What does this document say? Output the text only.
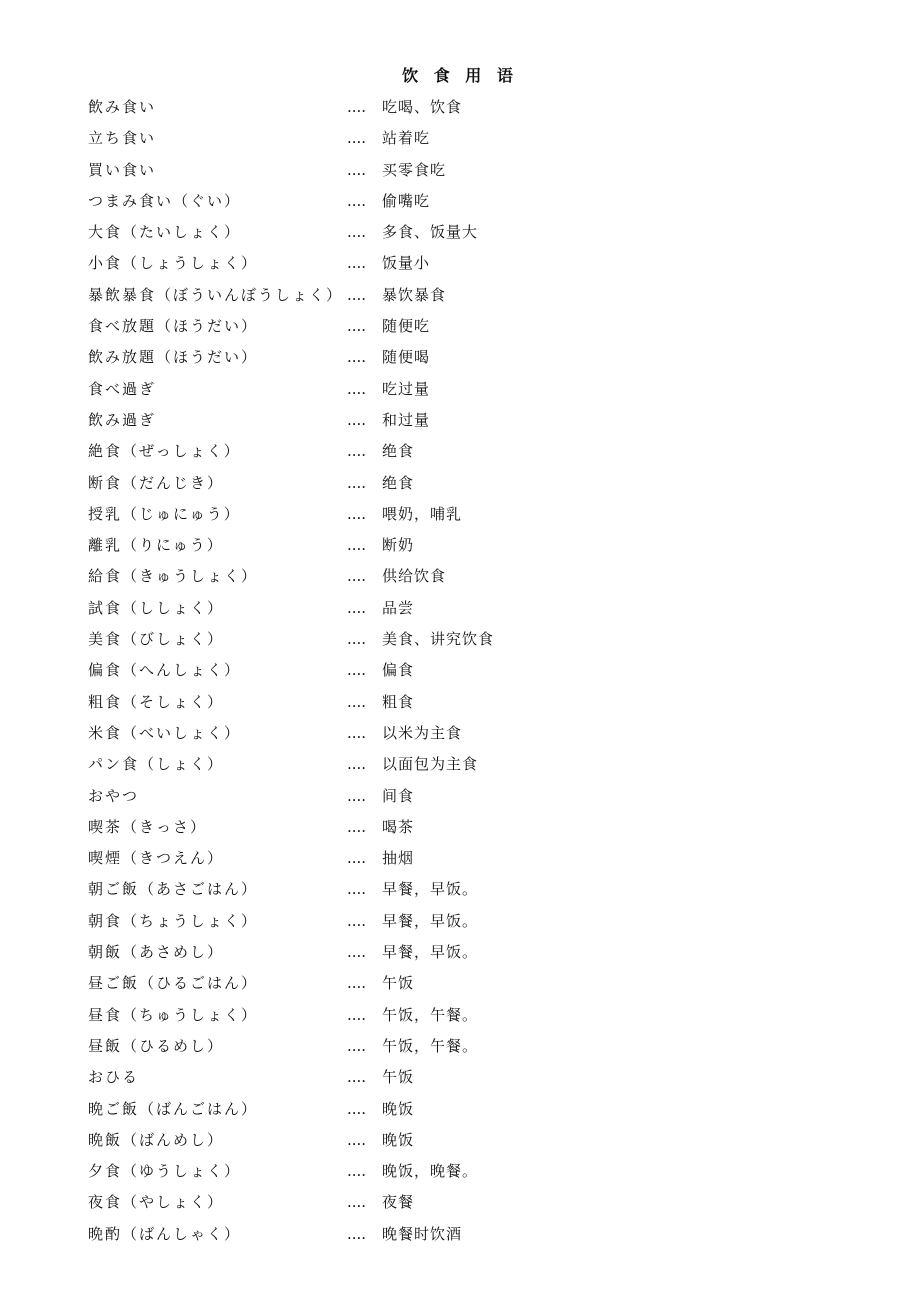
饮 食 用 语
飲み食い	.... 吃喝、饮食
立ち食い	.... 站着吃
買い食い	.... 买零食吃
つまみ食い（ぐい）	.... 偷嘴吃
大食（たいしょく）	.... 多食、饭量大
小食（しょうしょく）	.... 饭量小
暴飲暴食（ぼういんぼうしょく） .... 暴饮暴食
食べ放題（ほうだい）	.... 随便吃
飲み放題（ほうだい）	.... 随便喝
食べ過ぎ	.... 吃过量
飲み過ぎ	.... 和过量
絶食（ぜっしょく）	.... 绝食
断食（だんじき）	.... 绝食
授乳（じゅにゅう）	.... 喂奶，哺乳
離乳（りにゅう）	.... 断奶
給食（きゅうしょく）	.... 供给饮食
試食（ししょく）	.... 品尝
美食（びしょく）	.... 美食、讲究饮食
偏食（へんしょく）	.... 偏食
粗食（そしょく）	.... 粗食
米食（べいしょく）	.... 以米为主食
パン食（しょく）	.... 以面包为主食
おやつ	.... 间食
喫茶（きっさ）	.... 喝茶
喫煙（きつえん）	.... 抽烟
朝ご飯（あさごはん）	.... 早餐，早饭。
朝食（ちょうしょく）	.... 早餐，早饭。
朝飯（あさめし）	.... 早餐，早饭。
昼ご飯（ひるごはん）	.... 午饭
昼食（ちゅうしょく）	.... 午饭，午餐。
昼飯（ひるめし）	.... 午饭，午餐。
おひる	.... 午饭
晩ご飯（ばんごはん）	.... 晚饭
晩飯（ばんめし）	.... 晚饭
夕食（ゆうしょく）	.... 晚饭，晚餐。
夜食（やしょく）	.... 夜餐
晩酌（ばんしゃく）	.... 晚餐时饮酒
